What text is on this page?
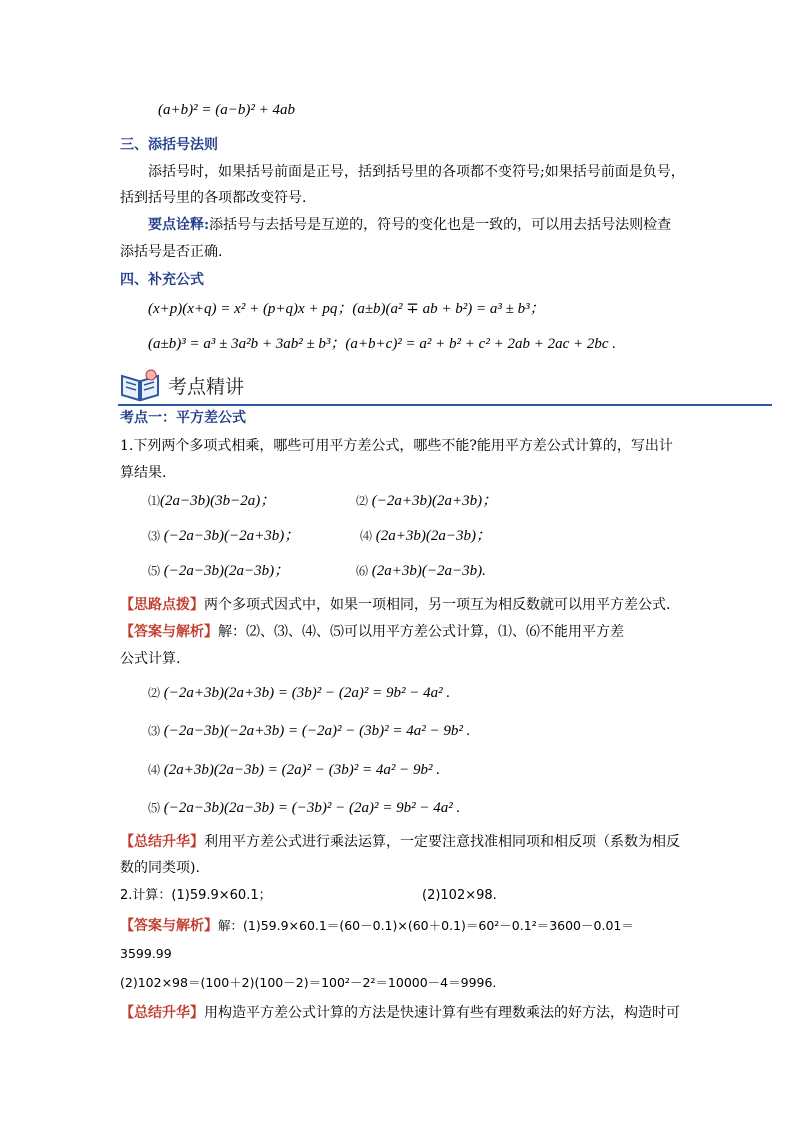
(a+b)² = (a−b)² + 4ab
三、添括号法则
添括号时，如果括号前面是正号，括到括号里的各项都不变符号;如果括号前面是负号，
括到括号里的各项都改变符号.
要点诠释:添括号与去括号是互逆的，符号的变化也是一致的，可以用去括号法则检查
添括号是否正确.
四、补充公式
(x+p)(x+q) = x² + (p+q)x + pq；(a±b)(a² ∓ ab + b²) = a³ ± b³；
(a±b)³ = a³ ± 3a²b + 3ab² ± b³；(a+b+c)² = a² + b² + c² + 2ab + 2ac + 2bc .
考点精讲
考点一：平方差公式
1.下列两个多项式相乘，哪些可用平方差公式，哪些不能?能用平方差公式计算的，写出计
算结果.
⑴(2a−3b)(3b−2a)；	⑵ (−2a+3b)(2a+3b)；
⑶ (−2a−3b)(−2a+3b)；	⑷ (2a+3b)(2a−3b)；
⑸ (−2a−3b)(2a−3b)；	⑹ (2a+3b)(−2a−3b).
【思路点拨】两个多项式因式中，如果一项相同，另一项互为相反数就可以用平方差公式.
【答案与解析】解：⑵、⑶、⑷、⑸可以用平方差公式计算，⑴、⑹不能用平方差
公式计算.
⑵ (−2a+3b)(2a+3b) = (3b)² − (2a)² = 9b² − 4a² .
⑶ (−2a−3b)(−2a+3b) = (−2a)² − (3b)² = 4a² − 9b² .
⑷ (2a+3b)(2a−3b) = (2a)² − (3b)² = 4a² − 9b² .
⑸ (−2a−3b)(2a−3b) = (−3b)² − (2a)² = 9b² − 4a² .
【总结升华】利用平方差公式进行乘法运算，一定要注意找准相同项和相反项（系数为相反
数的同类项).
2.计算：(1)59.9×60.1；	(2)102×98.
【答案与解析】解：(1)59.9×60.1＝(60－0.1)×(60＋0.1)＝60²－0.1²＝3600－0.01＝
3599.99
(2)102×98＝(100＋2)(100－2)＝100²－2²＝10000－4＝9996.
【总结升华】用构造平方差公式计算的方法是快速计算有些有理数乘法的好方法，构造时可
